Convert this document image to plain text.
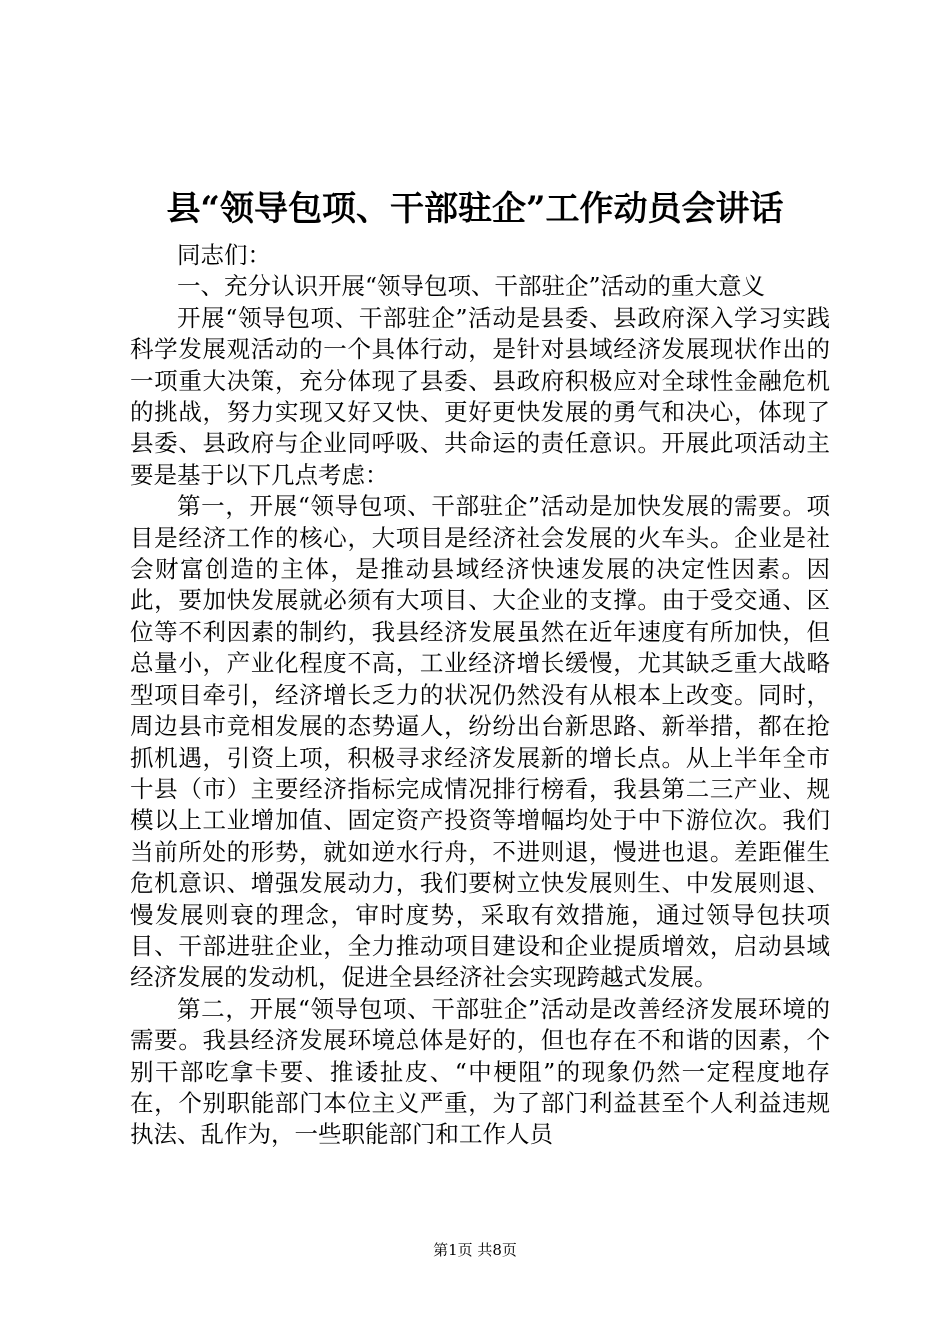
县“领导包项、干部驻企”工作动员会讲话

同志们：

一、充分认识开展“领导包项、干部驻企”活动的重大意义

开展“领导包项、干部驻企”活动是县委、县政府深入学习实践科学发展观活动的一个具体行动，是针对县域经济发展现状作出的一项重大决策，充分体现了县委、县政府积极应对全球性金融危机的挑战，努力实现又好又快、更好更快发展的勇气和决心，体现了县委、县政府与企业同呼吸、共命运的责任意识。开展此项活动主要是基于以下几点考虑：

第一，开展“领导包项、干部驻企”活动是加快发展的需要。项目是经济工作的核心，大项目是经济社会发展的火车头。企业是社会财富创造的主体，是推动县域经济快速发展的决定性因素。因此，要加快发展就必须有大项目、大企业的支撑。由于受交通、区位等不利因素的制约，我县经济发展虽然在近年速度有所加快，但总量小，产业化程度不高，工业经济增长缓慢，尤其缺乏重大战略型项目牵引，经济增长乏力的状况仍然没有从根本上改变。同时，周边县市竞相发展的态势逼人，纷纷出台新思路、新举措，都在抢抓机遇，引资上项，积极寻求经济发展新的增长点。从上半年全市十县（市）主要经济指标完成情况排行榜看，我县第二三产业、规模以上工业增加值、固定资产投资等增幅均处于中下游位次。我们当前所处的形势，就如逆水行舟，不进则退，慢进也退。差距催生危机意识、增强发展动力，我们要树立快发展则生、中发展则退、慢发展则衰的理念，审时度势，采取有效措施，通过领导包扶项目、干部进驻企业，全力推动项目建设和企业提质增效，启动县域经济发展的发动机，促进全县经济社会实现跨越式发展。

第二，开展“领导包项、干部驻企”活动是改善经济发展环境的需要。我县经济发展环境总体是好的，但也存在不和谐的因素，个别干部吃拿卡要、推诿扯皮、“中梗阻”的现象仍然一定程度地存在，个别职能部门本位主义严重，为了部门利益甚至个人利益违规执法、乱作为，一些职能部门和工作人员

第1页 共8页
